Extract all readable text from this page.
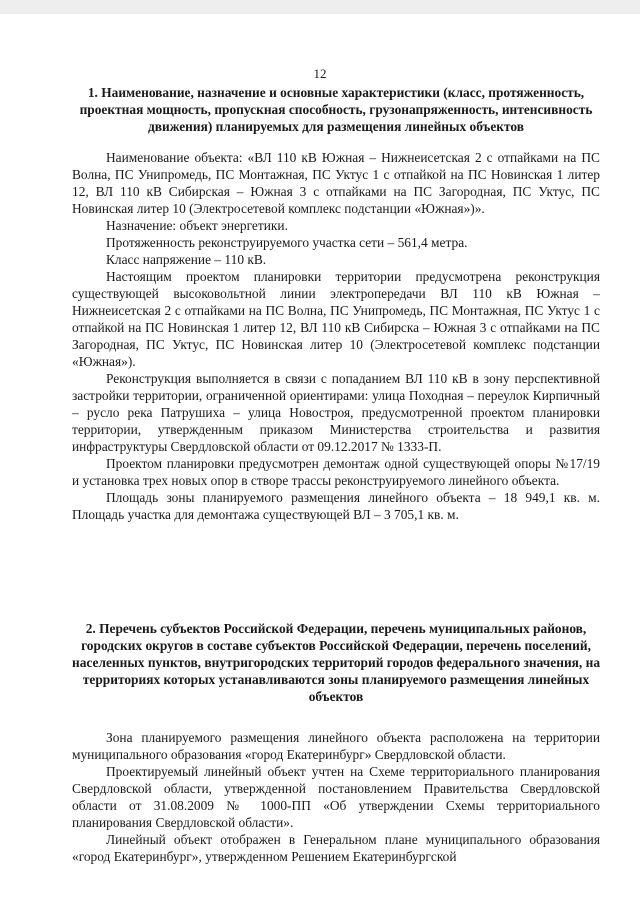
12

1. Наименование, назначение и основные характеристики (класс, протяженность, проектная мощность, пропускная способность, грузонапряженность, интенсивность движения) планируемых для размещения линейных объектов

Наименование объекта: «ВЛ 110 кВ Южная – Нижнеисетская 2 с отпайками на ПС Волна, ПС Унипромедь, ПС Монтажная, ПС Уктус 1 с отпайкой на ПС Новинская 1 литер 12, ВЛ 110 кВ Сибирская – Южная 3 с отпайками на ПС Загородная, ПС Уктус, ПС Новинская литер 10 (Электросетевой комплекс подстанции «Южная»)».

Назначение: объект энергетики.

Протяженность реконструируемого участка сети – 561,4 метра.

Класс напряжение – 110 кВ.

Настоящим проектом планировки территории предусмотрена реконструкция существующей высоковольтной линии электропередачи ВЛ 110 кВ Южная – Нижнеисетская 2 с отпайками на ПС Волна, ПС Унипромедь, ПС Монтажная, ПС Уктус 1 с отпайкой на ПС Новинская 1 литер 12, ВЛ 110 кВ Сибирска – Южная 3 с отпайками на ПС Загородная, ПС Уктус, ПС Новинская литер 10 (Электросетевой комплекс подстанции «Южная»).

Реконструкция выполняется в связи с попаданием ВЛ 110 кВ в зону перспективной застройки территории, ограниченной ориентирами: улица Походная – переулок Кирпичный – русло река Патрушиха – улица Новостроя, предусмотренной проектом планировки территории, утвержденным приказом Министерства строительства и развития инфраструктуры Свердловской области от 09.12.2017 № 1333-П.

Проектом планировки предусмотрен демонтаж одной существующей опоры №17/19 и установка трех новых опор в створе трассы реконструируемого линейного объекта.

Площадь зоны планируемого размещения линейного объекта – 18 949,1 кв. м. Площадь участка для демонтажа существующей ВЛ – 3 705,1 кв. м.

2. Перечень субъектов Российской Федерации, перечень муниципальных районов, городских округов в составе субъектов Российской Федерации, перечень поселений, населенных пунктов, внутригородских территорий городов федерального значения, на территориях которых устанавливаются зоны планируемого размещения линейных объектов

Зона планируемого размещения линейного объекта расположена на территории муниципального образования «город Екатеринбург» Свердловской области.

Проектируемый линейный объект учтен на Схеме территориального планирования Свердловской области, утвержденной постановлением Правительства Свердловской области от 31.08.2009 № 1000-ПП «Об утверждении Схемы территориального планирования Свердловской области».

Линейный объект отображен в Генеральном плане муниципального образования «город Екатеринбург», утвержденном Решением Екатеринбургской
